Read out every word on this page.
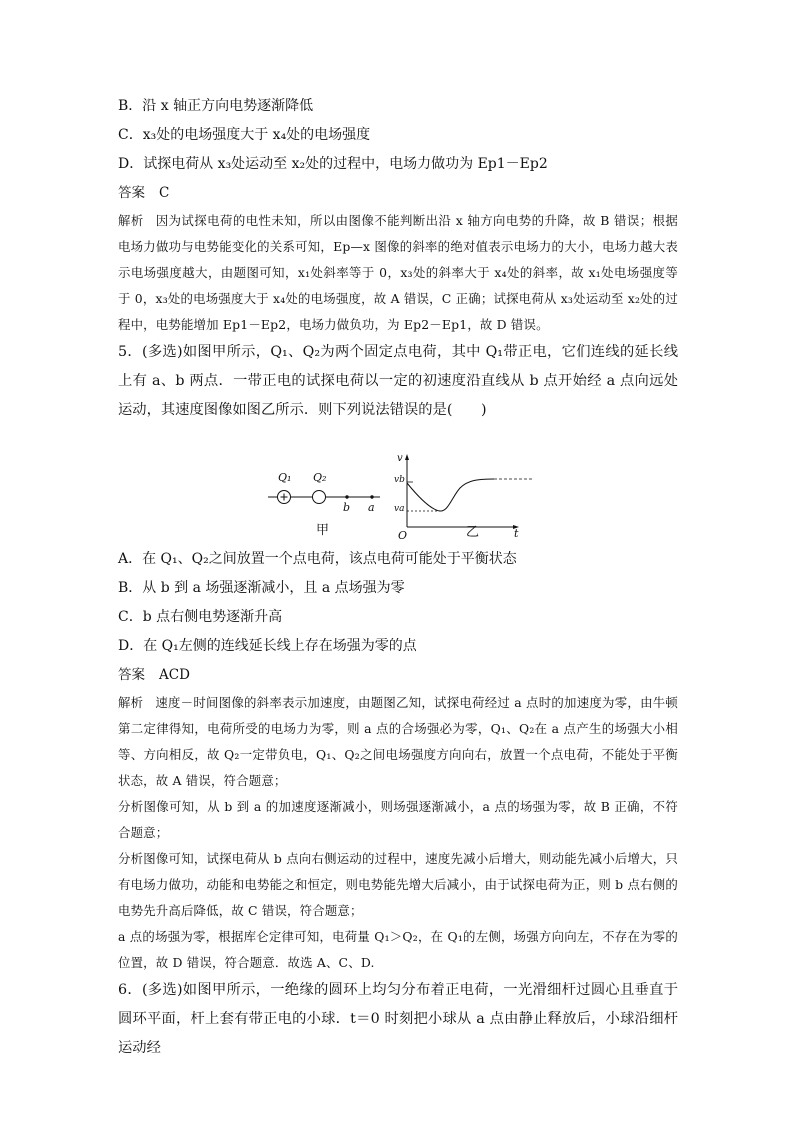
B．沿 x 轴正方向电势逐渐降低
C．x₃处的电场强度大于 x₄处的电场强度
D．试探电荷从 x₃处运动至 x₂处的过程中，电场力做功为 Ep1－Ep2
答案 C
解析 因为试探电荷的电性未知，所以由图像不能判断出沿 x 轴方向电势的升降，故 B 错误；根据电场力做功与电势能变化的关系可知，Ep—x 图像的斜率的绝对值表示电场力的大小，电场力越大表示电场强度越大，由题图可知，x₁处斜率等于 0，x₃处的斜率大于 x₄处的斜率，故 x₁处电场强度等于 0，x₃处的电场强度大于 x₄处的电场强度，故 A 错误，C 正确；试探电荷从 x₃处运动至 x₂处的过程中，电势能增加 Ep1－Ep2，电场力做负功，为 Ep2－Ep1，故 D 错误。
5．(多选)如图甲所示，Q₁、Q₂为两个固定点电荷，其中 Q₁带正电，它们连线的延长线上有 a、b 两点．一带正电的试探电荷以一定的初速度沿直线从 b 点开始经 a 点向远处运动，其速度图像如图乙所示．则下列说法错误的是(　　)
Q₁ Q₂
b a
甲
v
vb
va
O	t
乙
A．在 Q₁、Q₂之间放置一个点电荷，该点电荷可能处于平衡状态
B．从 b 到 a 场强逐渐减小，且 a 点场强为零
C．b 点右侧电势逐渐升高
D．在 Q₁左侧的连线延长线上存在场强为零的点
答案 ACD
解析 速度－时间图像的斜率表示加速度，由题图乙知，试探电荷经过 a 点时的加速度为零，由牛顿第二定律得知，电荷所受的电场力为零，则 a 点的合场强必为零，Q₁、Q₂在 a 点产生的场强大小相等、方向相反，故 Q₂一定带负电，Q₁、Q₂之间电场强度方向向右，放置一个点电荷，不能处于平衡状态，故 A 错误，符合题意；
分析图像可知，从 b 到 a 的加速度逐渐减小，则场强逐渐减小，a 点的场强为零，故 B 正确，不符合题意；
分析图像可知，试探电荷从 b 点向右侧运动的过程中，速度先减小后增大，则动能先减小后增大，只有电场力做功，动能和电势能之和恒定，则电势能先增大后减小，由于试探电荷为正，则 b 点右侧的电势先升高后降低，故 C 错误，符合题意；
a 点的场强为零，根据库仑定律可知，电荷量 Q₁＞Q₂，在 Q₁的左侧，场强方向向左，不存在为零的位置，故 D 错误，符合题意．故选 A、C、D.
6．(多选)如图甲所示，一绝缘的圆环上均匀分布着正电荷，一光滑细杆过圆心且垂直于圆环平面，杆上套有带正电的小球．t＝0 时刻把小球从 a 点由静止释放后，小球沿细杆运动经
